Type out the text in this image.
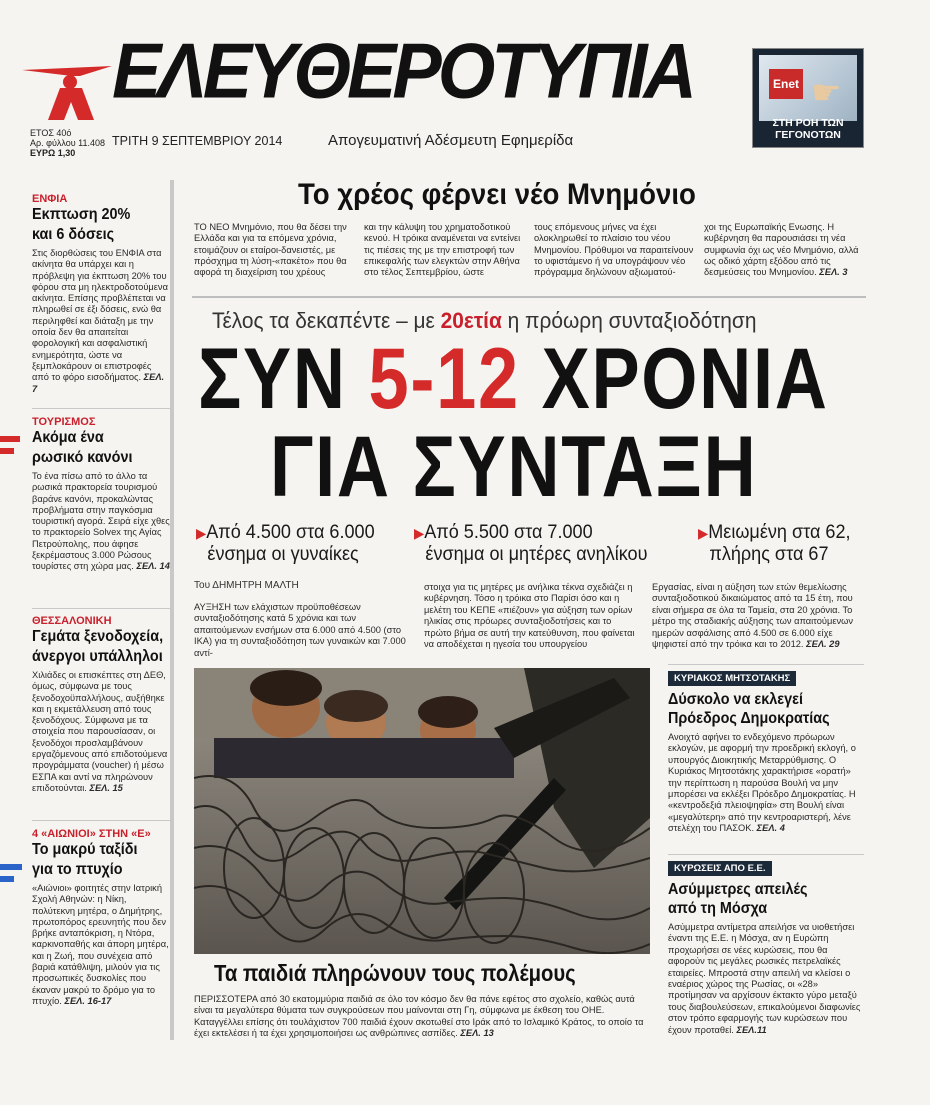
ΕΛΕΥΘΕΡΟΤΥΠΙΑ	Enet ☛
ΣΤΗ ΡΟΗ ΤΩΝ ΓΕΓΟΝΟΤΩΝ
ΕΤΟΣ 40ό
Αρ. φύλλου 11.408
ΕΥΡΩ 1,30
ΤΡΙΤΗ 9 ΣΕΠΤΕΜΒΡΙΟΥ 2014	Απογευματινή Αδέσμευτη Εφημερίδα
ΕΝΦΙΑ
Εκπτωση 20%
και 6 δόσεις
Στις διορθώσεις του ΕΝΦΙΑ στα ακίνητα θα υπάρχει και η πρόβλεψη για έκπτωση 20% του φόρου στα μη ηλεκτροδοτούμενα ακίνητα. Επίσης προβλέπεται να πληρωθεί σε έξι δόσεις, ενώ θα περιληφθεί και διάταξη με την οποία δεν θα απαιτείται φορολογική και ασφαλιστική ενημερότητα, ώστε να ξεμπλοκάρουν οι επιστροφές από το φόρο εισοδήματος. ΣΕΛ. 7
ΤΟΥΡΙΣΜΟΣ
Ακόμα ένα
ρωσικό κανόνι
Το ένα πίσω από το άλλο τα ρωσικά πρακτορεία τουρισμού βαράνε κανόνι, προκαλώντας προβλήματα στην παγκόσμια τουριστική αγορά. Σειρά είχε χθες το πρακτορείο Solvex της Αγίας Πετρούπολης, που άφησε ξεκρέμαστους 3.000 Ρώσους τουρίστες στη χώρα μας. ΣΕΛ. 14
ΘΕΣΣΑΛΟΝΙΚΗ
Γεμάτα ξενοδοχεία,
άνεργοι υπάλληλοι
Χιλιάδες οι επισκέπτες στη ΔΕΘ, όμως, σύμφωνα με τους ξενοδοχοϋπαλλήλους, αυξήθηκε και η εκμετάλλευση από τους ξενοδόχους. Σύμφωνα με τα στοιχεία που παρουσίασαν, οι ξενοδόχοι προσλαμβάνουν εργαζόμενους από επιδοτούμενα προγράμματα (voucher) ή μέσω ΕΣΠΑ και αντί να πληρώνουν επιδοτούνται. ΣΕΛ. 15
4 «ΑΙΩΝΙΟΙ» ΣΤΗΝ «Ε»
Το μακρύ ταξίδι
για το πτυχίο
«Αιώνιοι» φοιτητές στην Ιατρική Σχολή Αθηνών: η Νίκη, πολύτεκνη μητέρα, ο Δημήτρης, πρωτοπόρος ερευνητής που δεν βρήκε ανταπόκριση, η Ντόρα, καρκινοπαθής και άπορη μητέρα, και η Ζωή, που συνέχεια από βαριά κατάθλιψη, μιλούν για τις προσωπικές δυσκολίες που έκαναν μακρύ το δρόμο για το πτυχίο. ΣΕΛ. 16-17
Το χρέος φέρνει νέο Μνημόνιο
ΤΟ ΝΕΟ Μνημόνιο, που θα δέσει την Ελλάδα και για τα επόμενα χρόνια, ετοιμάζουν οι εταίροι-δανειστές, με πρόσχημα τη λύση-«πακέτο» που θα αφορά τη διαχείριση του χρέους
και την κάλυψη του χρηματοδοτικού κενού. Η τρόικα αναμένεται να εντείνει τις πιέσεις της με την επιστροφή των επικεφαλής των ελεγκτών στην Αθήνα στο τέλος Σεπτεμβρίου, ώστε
τους επόμενους μήνες να έχει ολοκληρωθεί το πλαίσιο του νέου Μνημονίου. Πρόθυμοι να παραιτείνουν το υφιστάμενο ή να υπογράψουν νέο πρόγραμμα δηλώνουν αξιωματού-
χοι της Ευρωπαϊκής Ενωσης. Η κυβέρνηση θα παρουσιάσει τη νέα συμφωνία όχι ως νέο Μνημόνιο, αλλά ως οδικό χάρτη εξόδου από τις δεσμεύσεις του Μνημονίου. ΣΕΛ. 3
Τέλος τα δεκαπέντε – με 20ετία η πρόωρη συνταξιοδότηση
ΣΥΝ 5-12 ΧΡΟΝΙΑ
ΓΙΑ ΣΥΝΤΑΞΗ
▶Από 4.500 στα 6.000
ένσημα οι γυναίκες
▶Από 5.500 στα 7.000
ένσημα οι μητέρες ανηλίκου
▶Μειωμένη στα 62,
πλήρης στα 67
Του ΔΗΜΗΤΡΗ ΜΑΛΤΗ
ΑΥΞΗΣΗ των ελάχιστων προϋποθέσεων συνταξιοδότησης κατά 5 χρόνια και των απαιτούμενων ενσήμων στα 6.000 από 4.500 (στο ΙΚΑ) για τη συνταξιοδότηση των γυναικών και 7.000 αντί-
στοιχα για τις μητέρες με ανήλικα τέκνα σχεδιάζει η κυβέρνηση. Τόσο η τρόικα στο Παρίσι όσο και η μελέτη του ΚΕΠΕ «πιέζουν» για αύξηση των ορίων ηλικίας στις πρόωρες συνταξιοδοτήσεις και το πρώτο βήμα σε αυτή την κατεύθυνση, που φαίνεται να αποδέχεται η ηγεσία του υπουργείου
Εργασίας, είναι η αύξηση των ετών θεμελίωσης συνταξιοδοτικού δικαιώματος από τα 15 έτη, που είναι σήμερα σε όλα τα Ταμεία, στα 20 χρόνια. Το μέτρο της σταδιακής αύξησης των απαιτούμενων ημερών ασφάλισης από 4.500 σε 6.000 είχε ψηφιστεί από την τρόικα και το 2012. ΣΕΛ. 29
Τα παιδιά πληρώνουν τους πολέμους
ΠΕΡΙΣΣΟΤΕΡΑ από 30 εκατομμύρια παιδιά σε όλο τον κόσμο δεν θα πάνε εφέτος στο σχολείο, καθώς αυτά είναι τα μεγαλύτερα θύματα των συγκρούσεων που μαίνονται στη Γη, σύμφωνα με έκθεση του ΟΗΕ. Καταγγέλλει επίσης ότι τουλάχιστον 700 παιδιά έχουν σκοτωθεί στο Ιράκ από το Ισλαμικό Κράτος, το οποίο τα έχει εκτελέσει ή τα έχει χρησιμοποιήσει ως ανθρώπινες ασπίδες. ΣΕΛ. 13
ΚΥΡΙΑΚΟΣ ΜΗΤΣΟΤΑΚΗΣ
Δύσκολο να εκλεγεί
Πρόεδρος Δημοκρατίας
Ανοιχτό αφήνει το ενδεχόμενο πρόωρων εκλογών, με αφορμή την προεδρική εκλογή, ο υπουργός Διοικητικής Μεταρρύθμισης. Ο Κυριάκος Μητσοτάκης χαρακτήρισε «ορατή» την περίπτωση η παρούσα Βουλή να μην μπορέσει να εκλέξει Πρόεδρο Δημοκρατίας. Η «κεντροδεξιά πλειοψηφία» στη Βουλή είναι «μεγαλύτερη» από την κεντροαριστερή, λένε στελέχη του ΠΑΣΟΚ. ΣΕΛ. 4
ΚΥΡΩΣΕΙΣ ΑΠΟ Ε.Ε.
Ασύμμετρες απειλές
από τη Μόσχα
Ασύμμετρα αντίμετρα απειλήσε να υιοθετήσει έναντι της Ε.Ε. η Μόσχα, αν η Ευρώπη προχωρήσει σε νέες κυρώσεις, που θα αφορούν τις μεγάλες ρωσικές πετρελαϊκές εταιρείες. Μπροστά στην απειλή να κλείσει ο εναέριος χώρος της Ρωσίας, οι «28» προτίμησαν να αρχίσουν έκτακτο γύρο μεταξύ τους διαβουλεύσεων, επικαλούμενοι διαφωνίες στον τρόπο εφαρμογής των κυρώσεων που έχουν προταθεί. ΣΕΛ.11
